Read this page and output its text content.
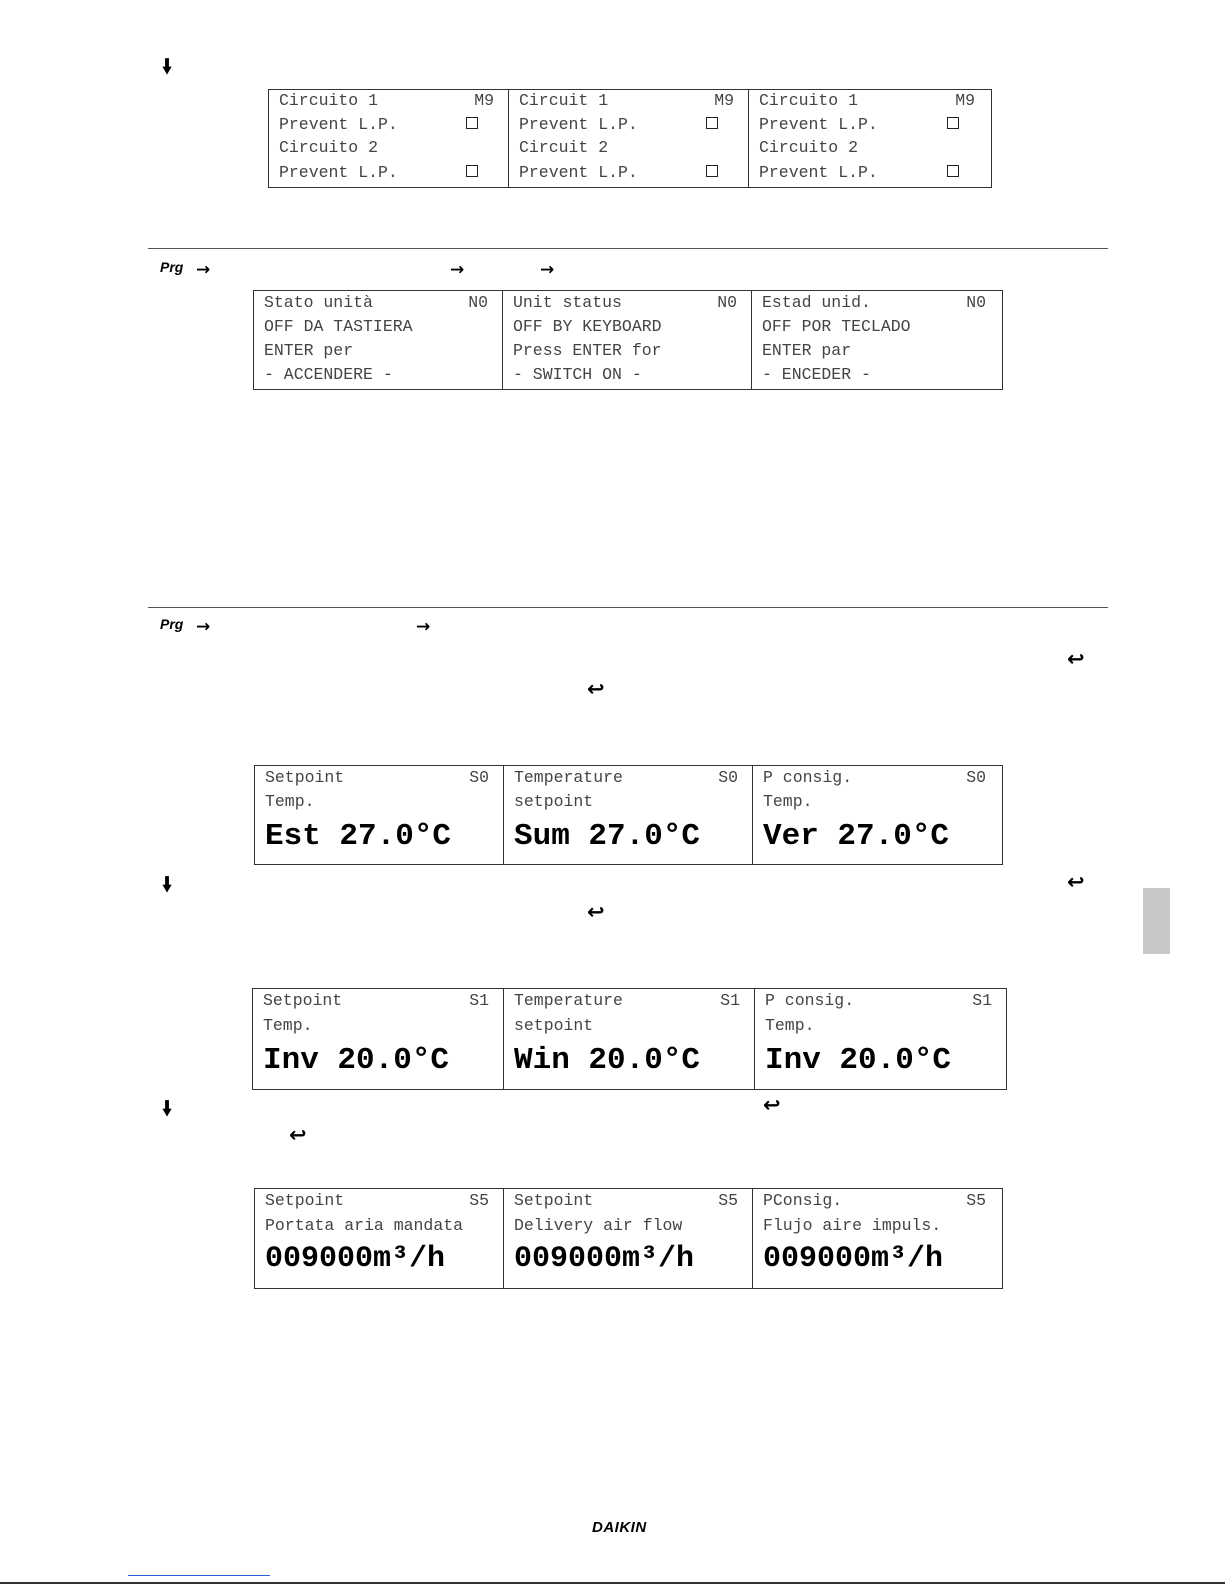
🠛
Circuito 1	M9
Prevent L.P.
Circuito 2
Prevent L.P.
Circuit 1	M9
Prevent L.P.
Circuit 2
Prevent L.P.
Circuito 1	M9
Prevent L.P.
Circuito 2
Prevent L.P.
Prg →	→	→
Stato unità	N0
OFF DA TASTIERA
ENTER per
- ACCENDERE -
Unit status	N0
OFF BY KEYBOARD
Press ENTER for
- SWITCH ON -
Estad unid.	N0
OFF POR TECLADO
ENTER par
- ENCEDER -
Prg →	→
↩
↩
Setpoint	S0
Temp.
Est 27.0°C
Temperature	S0
setpoint
Sum 27.0°C
P consig.	S0
Temp.
Ver 27.0°C
🠛	↩
↩
Setpoint	S1
Temp.
Inv 20.0°C
Temperature	S1
setpoint
Win 20.0°C
P consig.	S1
Temp.
Inv 20.0°C
🠛	↩
↩
Setpoint	S5
Portata aria mandata
009000m³/h
Setpoint	S5
Delivery air flow
009000m³/h
PConsig.	S5
Flujo aire impuls.
009000m³/h
DAIKIN
